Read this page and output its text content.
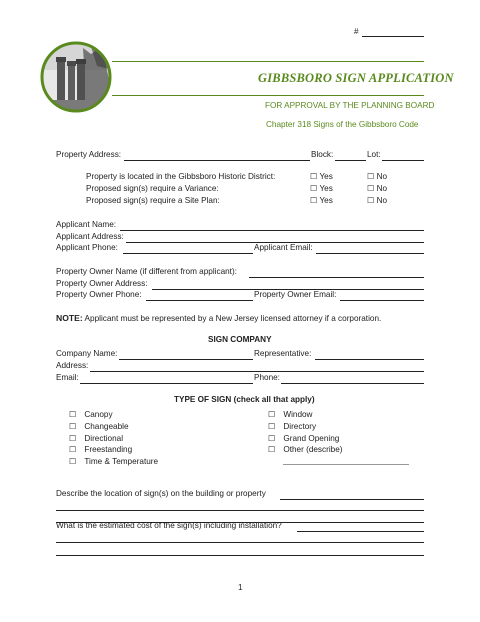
#
GIBBSBORO SIGN APPLICATION
FOR APPROVAL BY THE PLANNING BOARD
Chapter 318 Signs of the Gibbsboro Code
Property Address:	Block:	Lot:
Property is located in the Gibbsboro Historic District:	☐ Yes	☐ No
Proposed sign(s) require a Variance:	☐ Yes	☐ No
Proposed sign(s) require a Site Plan:	☐ Yes	☐ No
Applicant Name:
Applicant Address:
Applicant Phone:	Applicant Email:
Property Owner Name (if different from applicant):
Property Owner Address:
Property Owner Phone:	Property Owner Email:
NOTE: Applicant must be represented by a New Jersey licensed attorney if a corporation.
SIGN COMPANY
Company Name:	Representative:
Address:
Email:	Phone:
TYPE OF SIGN (check all that apply)
☐ Canopy
☐ Changeable
☐ Directional
☐ Freestanding
☐ Time & Temperature
☐ Window
☐ Directory
☐ Grand Opening
☐ Other (describe)
Describe the location of sign(s) on the building or property
What is the estimated cost of the sign(s) including installation?
1
